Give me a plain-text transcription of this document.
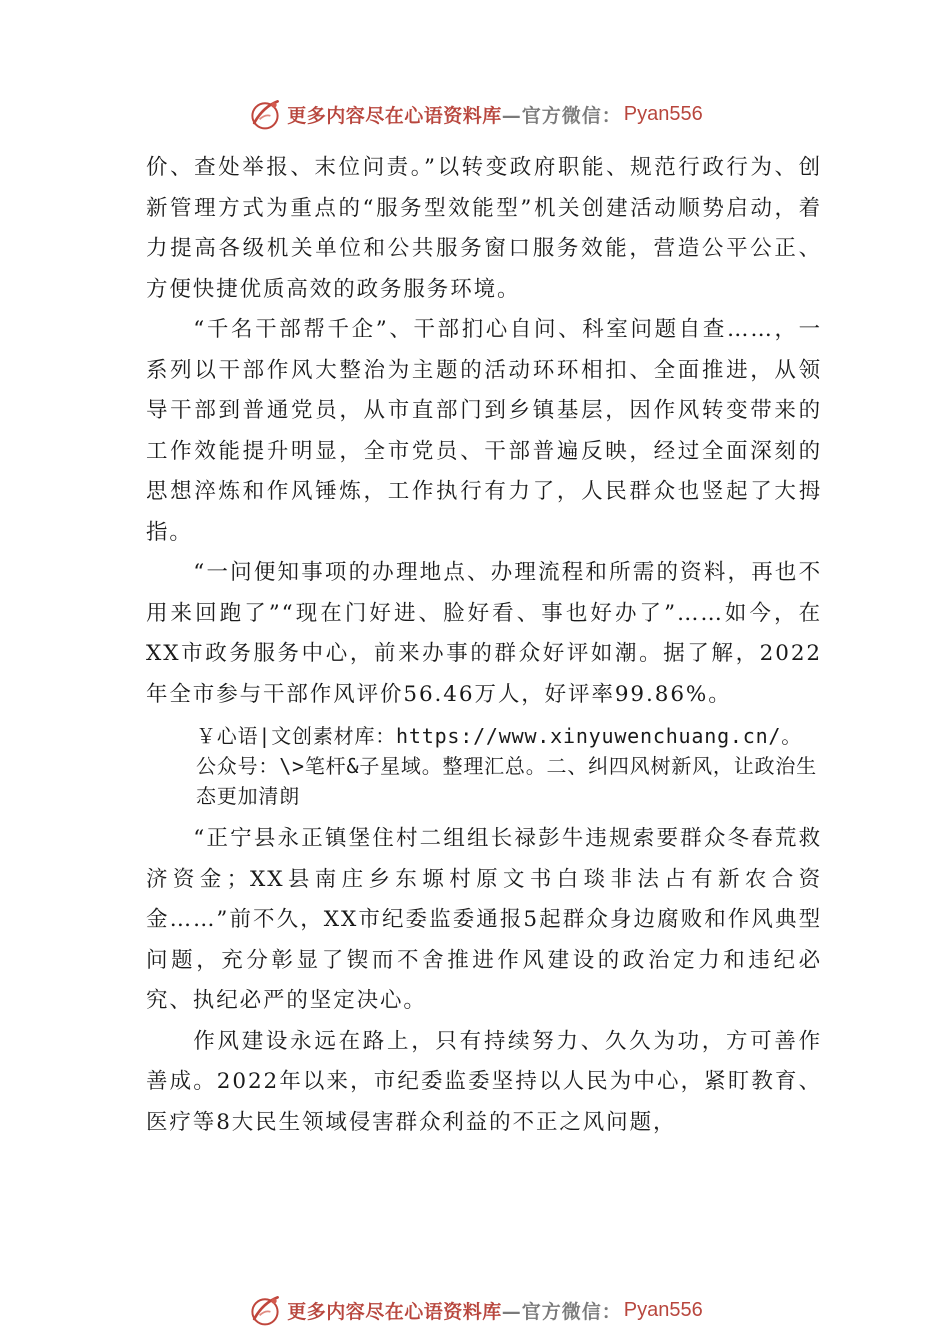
更多内容尽在心语资料库 —官方微信： Pyan556

价、查处举报、末位问责。”以转变政府职能、规范行政行为、创新管理方式为重点的“服务型效能型”机关创建活动顺势启动，着力提高各级机关单位和公共服务窗口服务效能，营造公平公正、方便快捷优质高效的政务服务环境。

“千名干部帮千企”、干部扪心自问、科室问题自查……，一系列以干部作风大整治为主题的活动环环相扣、全面推进，从领导干部到普通党员，从市直部门到乡镇基层，因作风转变带来的工作效能提升明显，全市党员、干部普遍反映，经过全面深刻的思想淬炼和作风锤炼，工作执行有力了，人民群众也竖起了大拇指。

“一问便知事项的办理地点、办理流程和所需的资料，再也不用来回跑了”“现在门好进、脸好看、事也好办了”……如今，在XX市政务服务中心，前来办事的群众好评如潮。据了解，2022年全市参与干部作风评价56.46万人，好评率99.86%。

￥心语|文创素材库：https://www.xinyuwenchuang.cn/。公众号：\>笔杆&子星域。整理汇总。二、纠四风树新风，让政治生态更加清朗

“正宁县永正镇堡住村二组组长禄彭牛违规索要群众冬春荒救济资金；XX县南庄乡东塬村原文书白琰非法占有新农合资金……”前不久，XX市纪委监委通报5起群众身边腐败和作风典型问题，充分彰显了锲而不舍推进作风建设的政治定力和违纪必究、执纪必严的坚定决心。

作风建设永远在路上，只有持续努力、久久为功，方可善作善成。2022年以来，市纪委监委坚持以人民为中心，紧盯教育、医疗等8大民生领域侵害群众利益的不正之风问题，

更多内容尽在心语资料库 —官方微信： Pyan556
